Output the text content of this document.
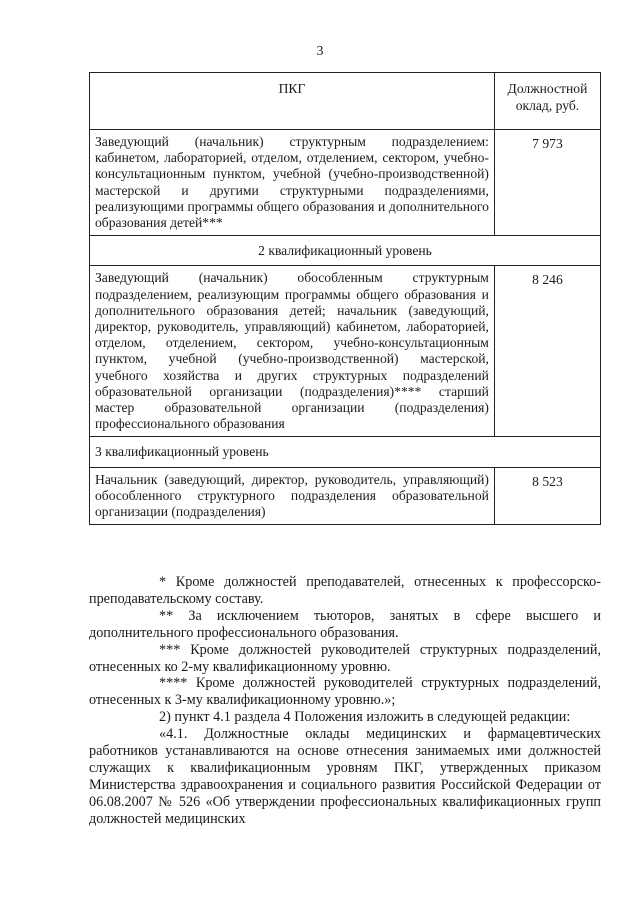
3
ПКГ	Должностной оклад, руб.
Заведующий (начальник) структурным подразделением: кабинетом, лабораторией, отделом, отделением, сектором, учебно-консультационным пунктом, учебной (учебно-производственной) мастерской и другими структурными подразделениями, реализующими программы общего образования и дополнительного образования детей***	7 973
2 квалификационный уровень	
Заведующий (начальник) обособленным структурным подразделением, реализующим программы общего образования и дополнительного образования детей; начальник (заведующий, директор, руководитель, управляющий) кабинетом, лабораторией, отделом, отделением, сектором, учебно-консультационным пунктом, учебной (учебно-производственной) мастерской, учебного хозяйства и других структурных подразделений образовательной организации (подразделения)**** старший мастер образовательной организации (подразделения) профессионального образования	8 246
3 квалификационный уровень	
Начальник (заведующий, директор, руководитель, управляющий) обособленного структурного подразделения образовательной организации (подразделения)	8 523

* Кроме должностей преподавателей, отнесенных к профессорско-преподавательскому составу.

** За исключением тьюторов, занятых в сфере высшего и дополнительного профессионального образования.

*** Кроме должностей руководителей структурных подразделений, отнесенных ко 2-му квалификационному уровню.

**** Кроме должностей руководителей структурных подразделений, отнесенных к 3-му квалификационному уровню.»;

2) пункт 4.1 раздела 4 Положения изложить в следующей редакции:

«4.1. Должностные оклады медицинских и фармацевтических работников устанавливаются на основе отнесения занимаемых ими должностей служащих к квалификационным уровням ПКГ, утвержденных приказом Министерства здравоохранения и социального развития Российской Федерации от 06.08.2007 № 526 «Об утверждении профессиональных квалификационных групп должностей медицинских
